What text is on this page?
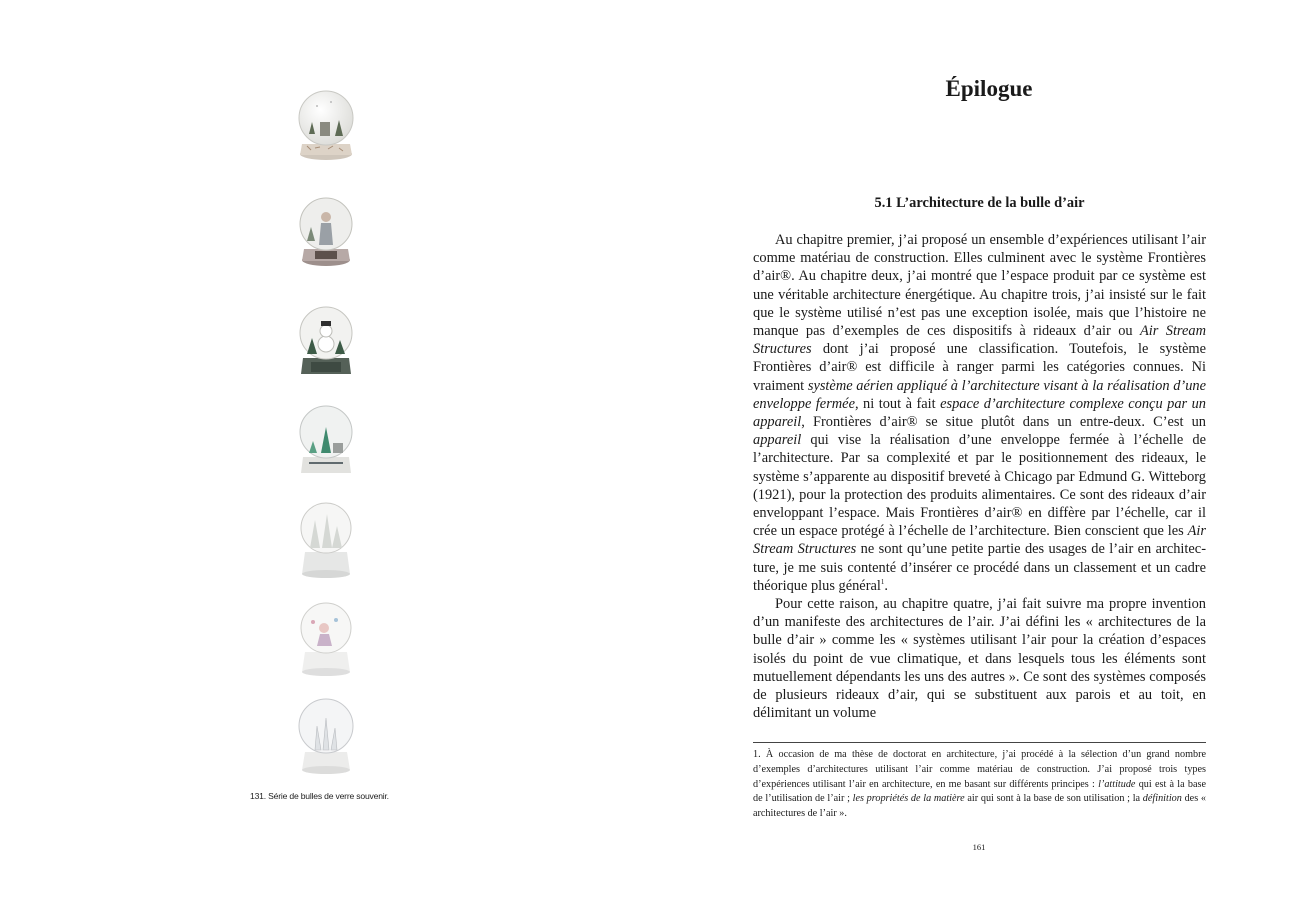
131. Série de bulles de verre souvenir.
Épilogue
5.1 L’architecture de la bulle d’air

Au chapitre premier, j’ai proposé un ensemble d’expériences utilisant l’air comme matériau de construction. Elles culminent avec le système Frontières d’air®. Au chapitre deux, j’ai montré que l’espace produit par ce système est une véritable architecture énergétique. Au chapitre trois, j’ai insisté sur le fait que le système utilisé n’est pas une exception isolée, mais que l’histoire ne manque pas d’exemples de ces dispositifs à rideaux d’air ou Air Stream Structures dont j’ai proposé une classification. Toutefois, le système Frontières d’air® est difficile à ranger parmi les catégories connues. Ni vraiment système aérien appliqué à l’architecture visant à la réalisation d’une enveloppe fermée, ni tout à fait espace d’architecture complexe conçu par un appareil, Frontières d’air® se situe plutôt dans un entre-deux. C’est un appareil qui vise la réalisation d’une enveloppe fermée à l’échelle de l’architecture. Par sa complexité et par le positionnement des rideaux, le système s’apparente au dispositif breveté à Chicago par Edmund G. Witteborg (1921), pour la protection des produits alimentaires. Ce sont des rideaux d’air enveloppant l’espace. Mais Frontières d’air® en diffère par l’échelle, car il crée un espace protégé à l’échelle de l’architecture. Bien conscient que les Air Stream Structures ne sont qu’une petite partie des usages de l’air en architecture, je me suis contenté d’insérer ce procédé dans un classement et un cadre théorique plus général$^1$.

Pour cette raison, au chapitre quatre, j’ai fait suivre ma propre invention d’un manifeste des architectures de l’air. J’ai défini les « architectures de la bulle d’air » comme les « systèmes utilisant l’air pour la création d’espaces isolés du point de vue climatique, et dans lesquels tous les éléments sont mutuellement dépendants les uns des autres ». Ce sont des systèmes composés de plusieurs rideaux d’air, qui se substituent aux parois et au toit, en délimitant un volume

1. À occasion de ma thèse de doctorat en architecture, j’ai procédé à la sélection d’un grand nombre d’exemples d’architectures utilisant l’air comme matériau de construction. J’ai proposé trois types d’expériences utilisant l’air en architecture, en me basant sur différents principes : l’attitude qui est à la base de l’utilisation de l’air ; les propriétés de la matière air qui sont à la base de son utilisation ; la définition des « architectures de l’air ».
161
